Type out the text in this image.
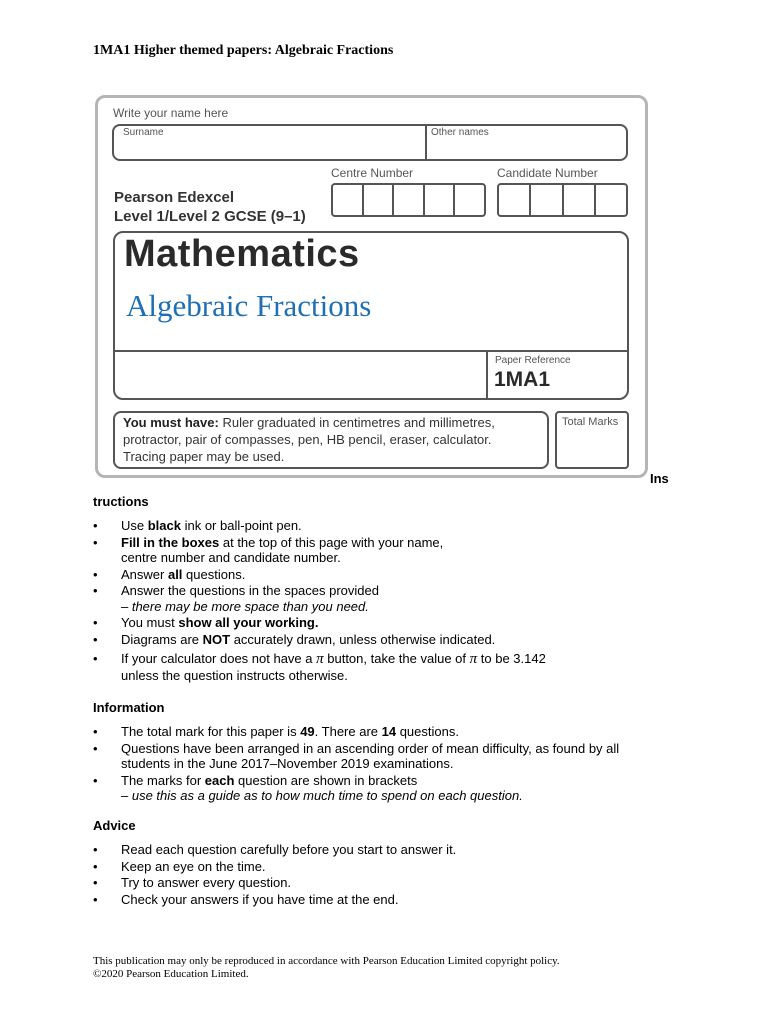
1MA1 Higher themed papers: Algebraic Fractions
Write your name here
Surname	Other names
Centre Number	Candidate Number
Pearson Edexcel
Level 1/Level 2 GCSE (9–1)
Mathematics
Algebraic Fractions
Paper Reference
1MA1
You must have: Ruler graduated in centimetres and millimetres,
protractor, pair of compasses, pen, HB pencil, eraser, calculator.
Tracing paper may be used.
Total Marks
Ins
tructions
• Use black ink or ball-point pen.
• Fill in the boxes at the top of this page with your name,
centre number and candidate number.
• Answer all questions.
• Answer the questions in the spaces provided
– there may be more space than you need.
• You must show all your working.
• Diagrams are NOT accurately drawn, unless otherwise indicated.
• If your calculator does not have a π button, take the value of π to be 3.142
unless the question instructs otherwise.
Information
• The total mark for this paper is 49. There are 14 questions.
• Questions have been arranged in an ascending order of mean difficulty, as found by all
students in the June 2017–November 2019 examinations.
• The marks for each question are shown in brackets
– use this as a guide as to how much time to spend on each question.
Advice
• Read each question carefully before you start to answer it.
• Keep an eye on the time.
• Try to answer every question.
• Check your answers if you have time at the end.
This publication may only be reproduced in accordance with Pearson Education Limited copyright policy.
©2020 Pearson Education Limited.
